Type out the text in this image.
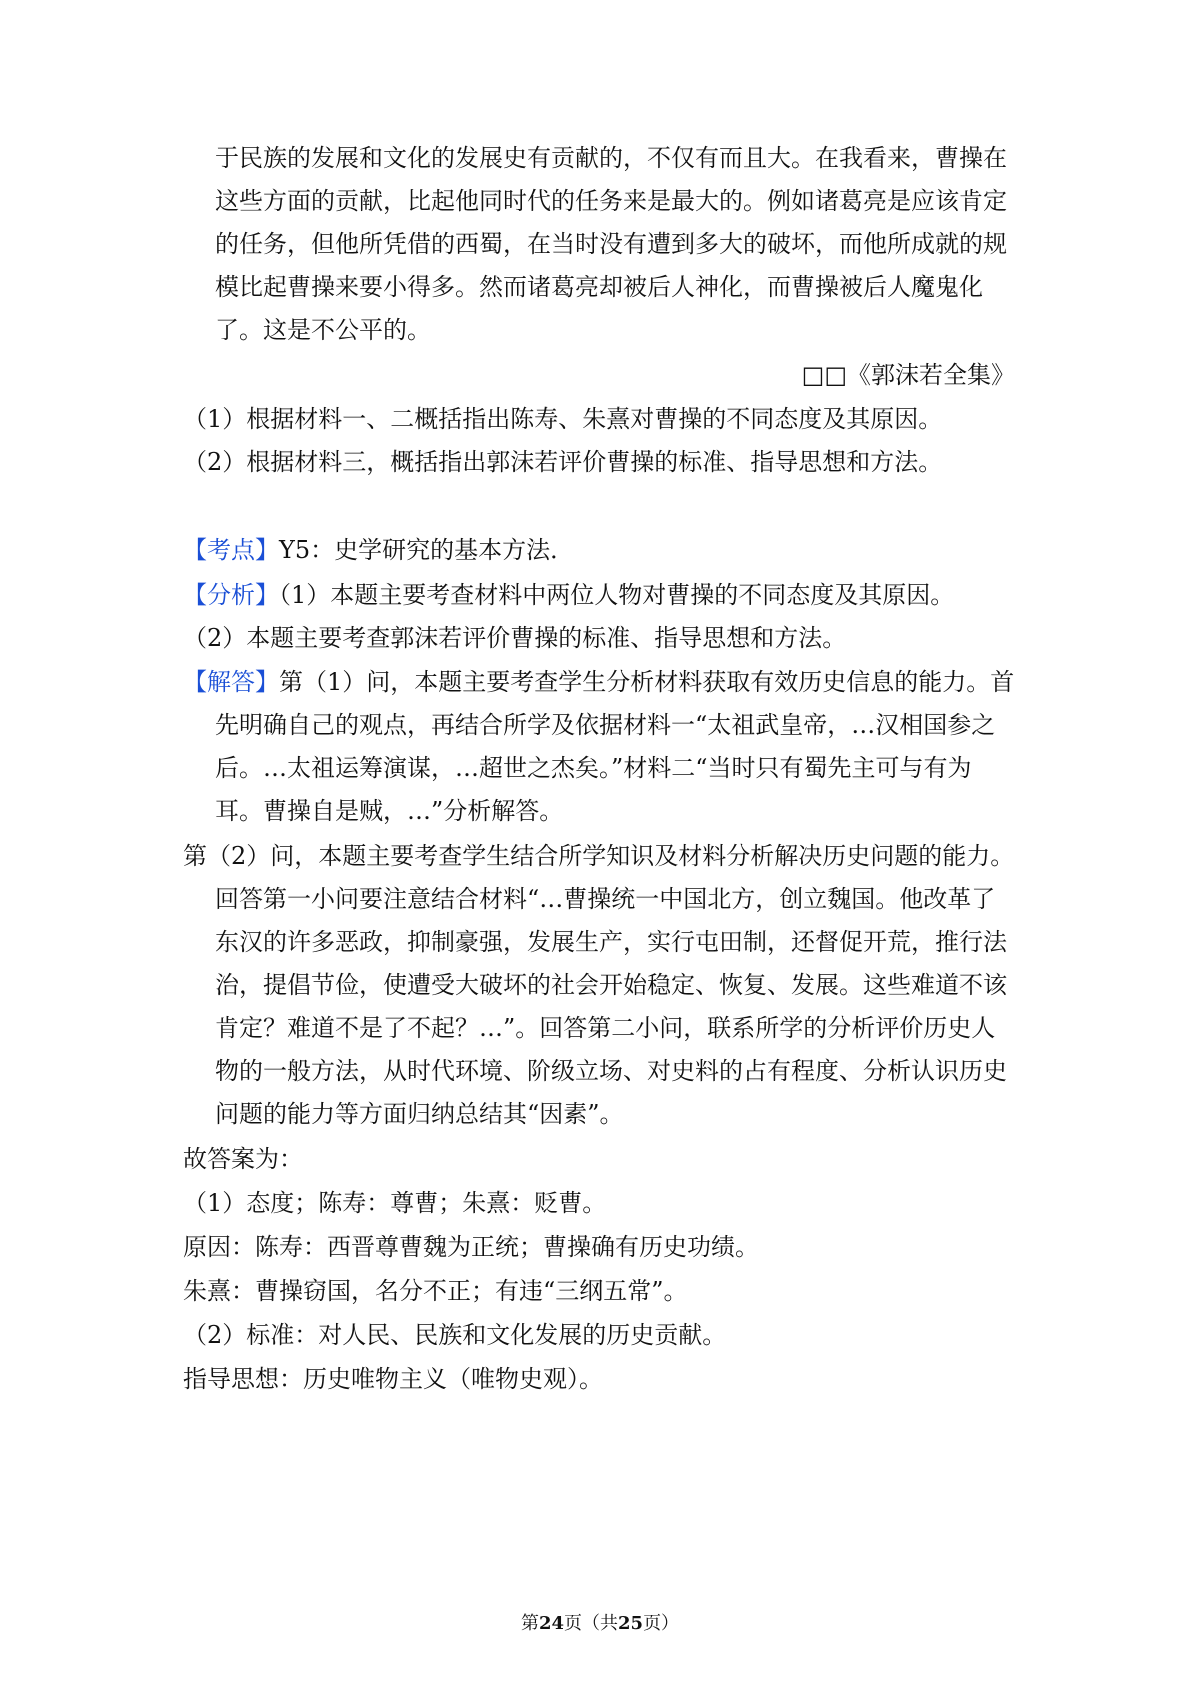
于民族的发展和文化的发展史有贡献的，不仅有而且大。在我看来，曹操在
这些方面的贡献，比起他同时代的任务来是最大的。例如诸葛亮是应该肯定
的任务，但他所凭借的西蜀，在当时没有遭到多大的破坏，而他所成就的规
模比起曹操来要小得多。然而诸葛亮却被后人神化，而曹操被后人魔鬼化
了。这是不公平的。
□□《郭沫若全集》
（1）根据材料一、二概括指出陈寿、朱熹对曹操的不同态度及其原因。
（2）根据材料三，概括指出郭沫若评价曹操的标准、指导思想和方法。
【考点】Y5：史学研究的基本方法．
【分析】（1）本题主要考查材料中两位人物对曹操的不同态度及其原因。
（2）本题主要考查郭沫若评价曹操的标准、指导思想和方法。
【解答】第（1）问，本题主要考查学生分析材料获取有效历史信息的能力。首
先明确自己的观点，再结合所学及依据材料一“太祖武皇帝，…汉相国参之
后。…太祖运筹演谋，…超世之杰矣。”材料二“当时只有蜀先主可与有为
耳。曹操自是贼，…”分析解答。
第（2）问，本题主要考查学生结合所学知识及材料分析解决历史问题的能力。
回答第一小问要注意结合材料“…曹操统一中国北方，创立魏国。他改革了
东汉的许多恶政，抑制豪强，发展生产，实行屯田制，还督促开荒，推行法
治，提倡节俭，使遭受大破坏的社会开始稳定、恢复、发展。这些难道不该
肯定？难道不是了不起？…”。回答第二小问，联系所学的分析评价历史人
物的一般方法，从时代环境、阶级立场、对史料的占有程度、分析认识历史
问题的能力等方面归纳总结其“因素”。
故答案为：
（1）态度；陈寿：尊曹；朱熹：贬曹。
原因：陈寿：西晋尊曹魏为正统；曹操确有历史功绩。
朱熹：曹操窃国，名分不正；有违“三纲五常”。
（2）标准：对人民、民族和文化发展的历史贡献。
指导思想：历史唯物主义（唯物史观）。
第24页（共25页）
